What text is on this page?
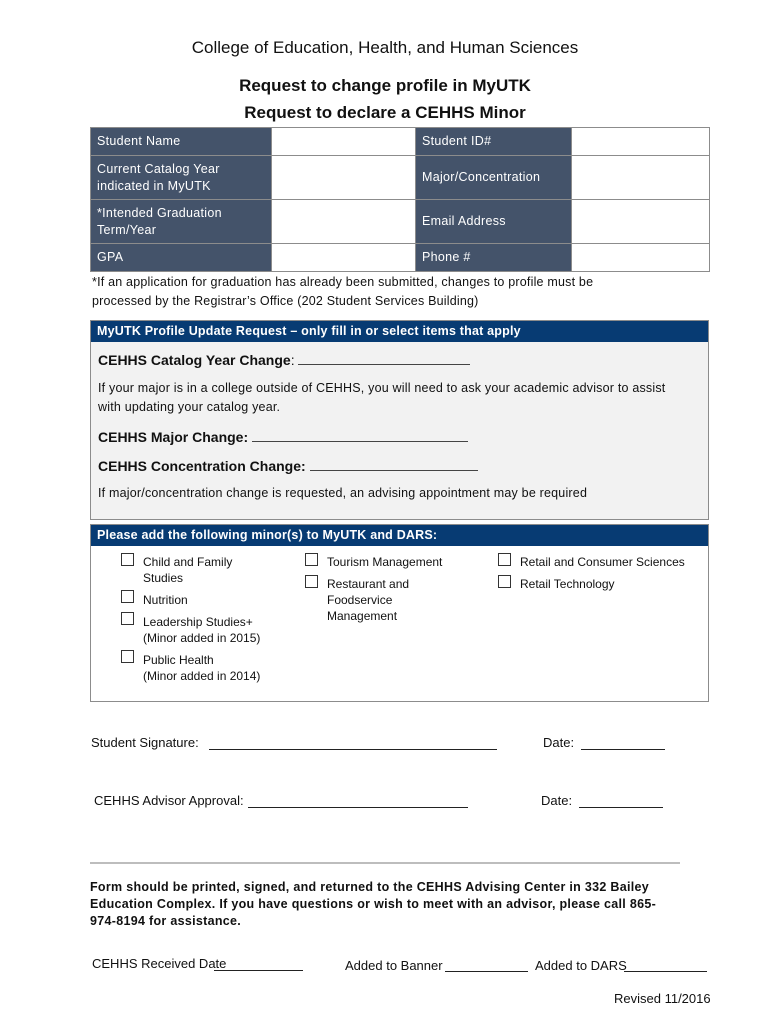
College of Education, Health, and Human Sciences
Request to change profile in MyUTK
Request to declare a CEHHS Minor
Student Name		Student ID#	
Current Catalog Year
indicated in MyUTK		Major/Concentration	
*Intended Graduation
Term/Year		Email Address	
GPA		Phone #	
*If an application for graduation has already been submitted, changes to profile must be
processed by the Registrar’s Office (202 Student Services Building)
MyUTK Profile Update Request – only fill in or select items that apply
CEHHS Catalog Year Change:
If your major is in a college outside of CEHHS, you will need to ask your academic advisor to assist
with updating your catalog year.
CEHHS Major Change:
CEHHS Concentration Change:
If major/concentration change is requested, an advising appointment may be required
Please add the following minor(s) to MyUTK and DARS:
Child and Family
Studies
Nutrition
Leadership Studies+
(Minor added in 2015)
Public Health
(Minor added in 2014)
Tourism Management
Restaurant and
Foodservice
Management
Retail and Consumer Sciences
Retail Technology
Student Signature:	Date:
CEHHS Advisor Approval:	Date:
Form should be printed, signed, and returned to the CEHHS Advising Center in 332 Bailey
Education Complex. If you have questions or wish to meet with an advisor, please call 865-
974-8194 for assistance.
CEHHS Received Date	Added to Banner	Added to DARS
Revised 11/2016
